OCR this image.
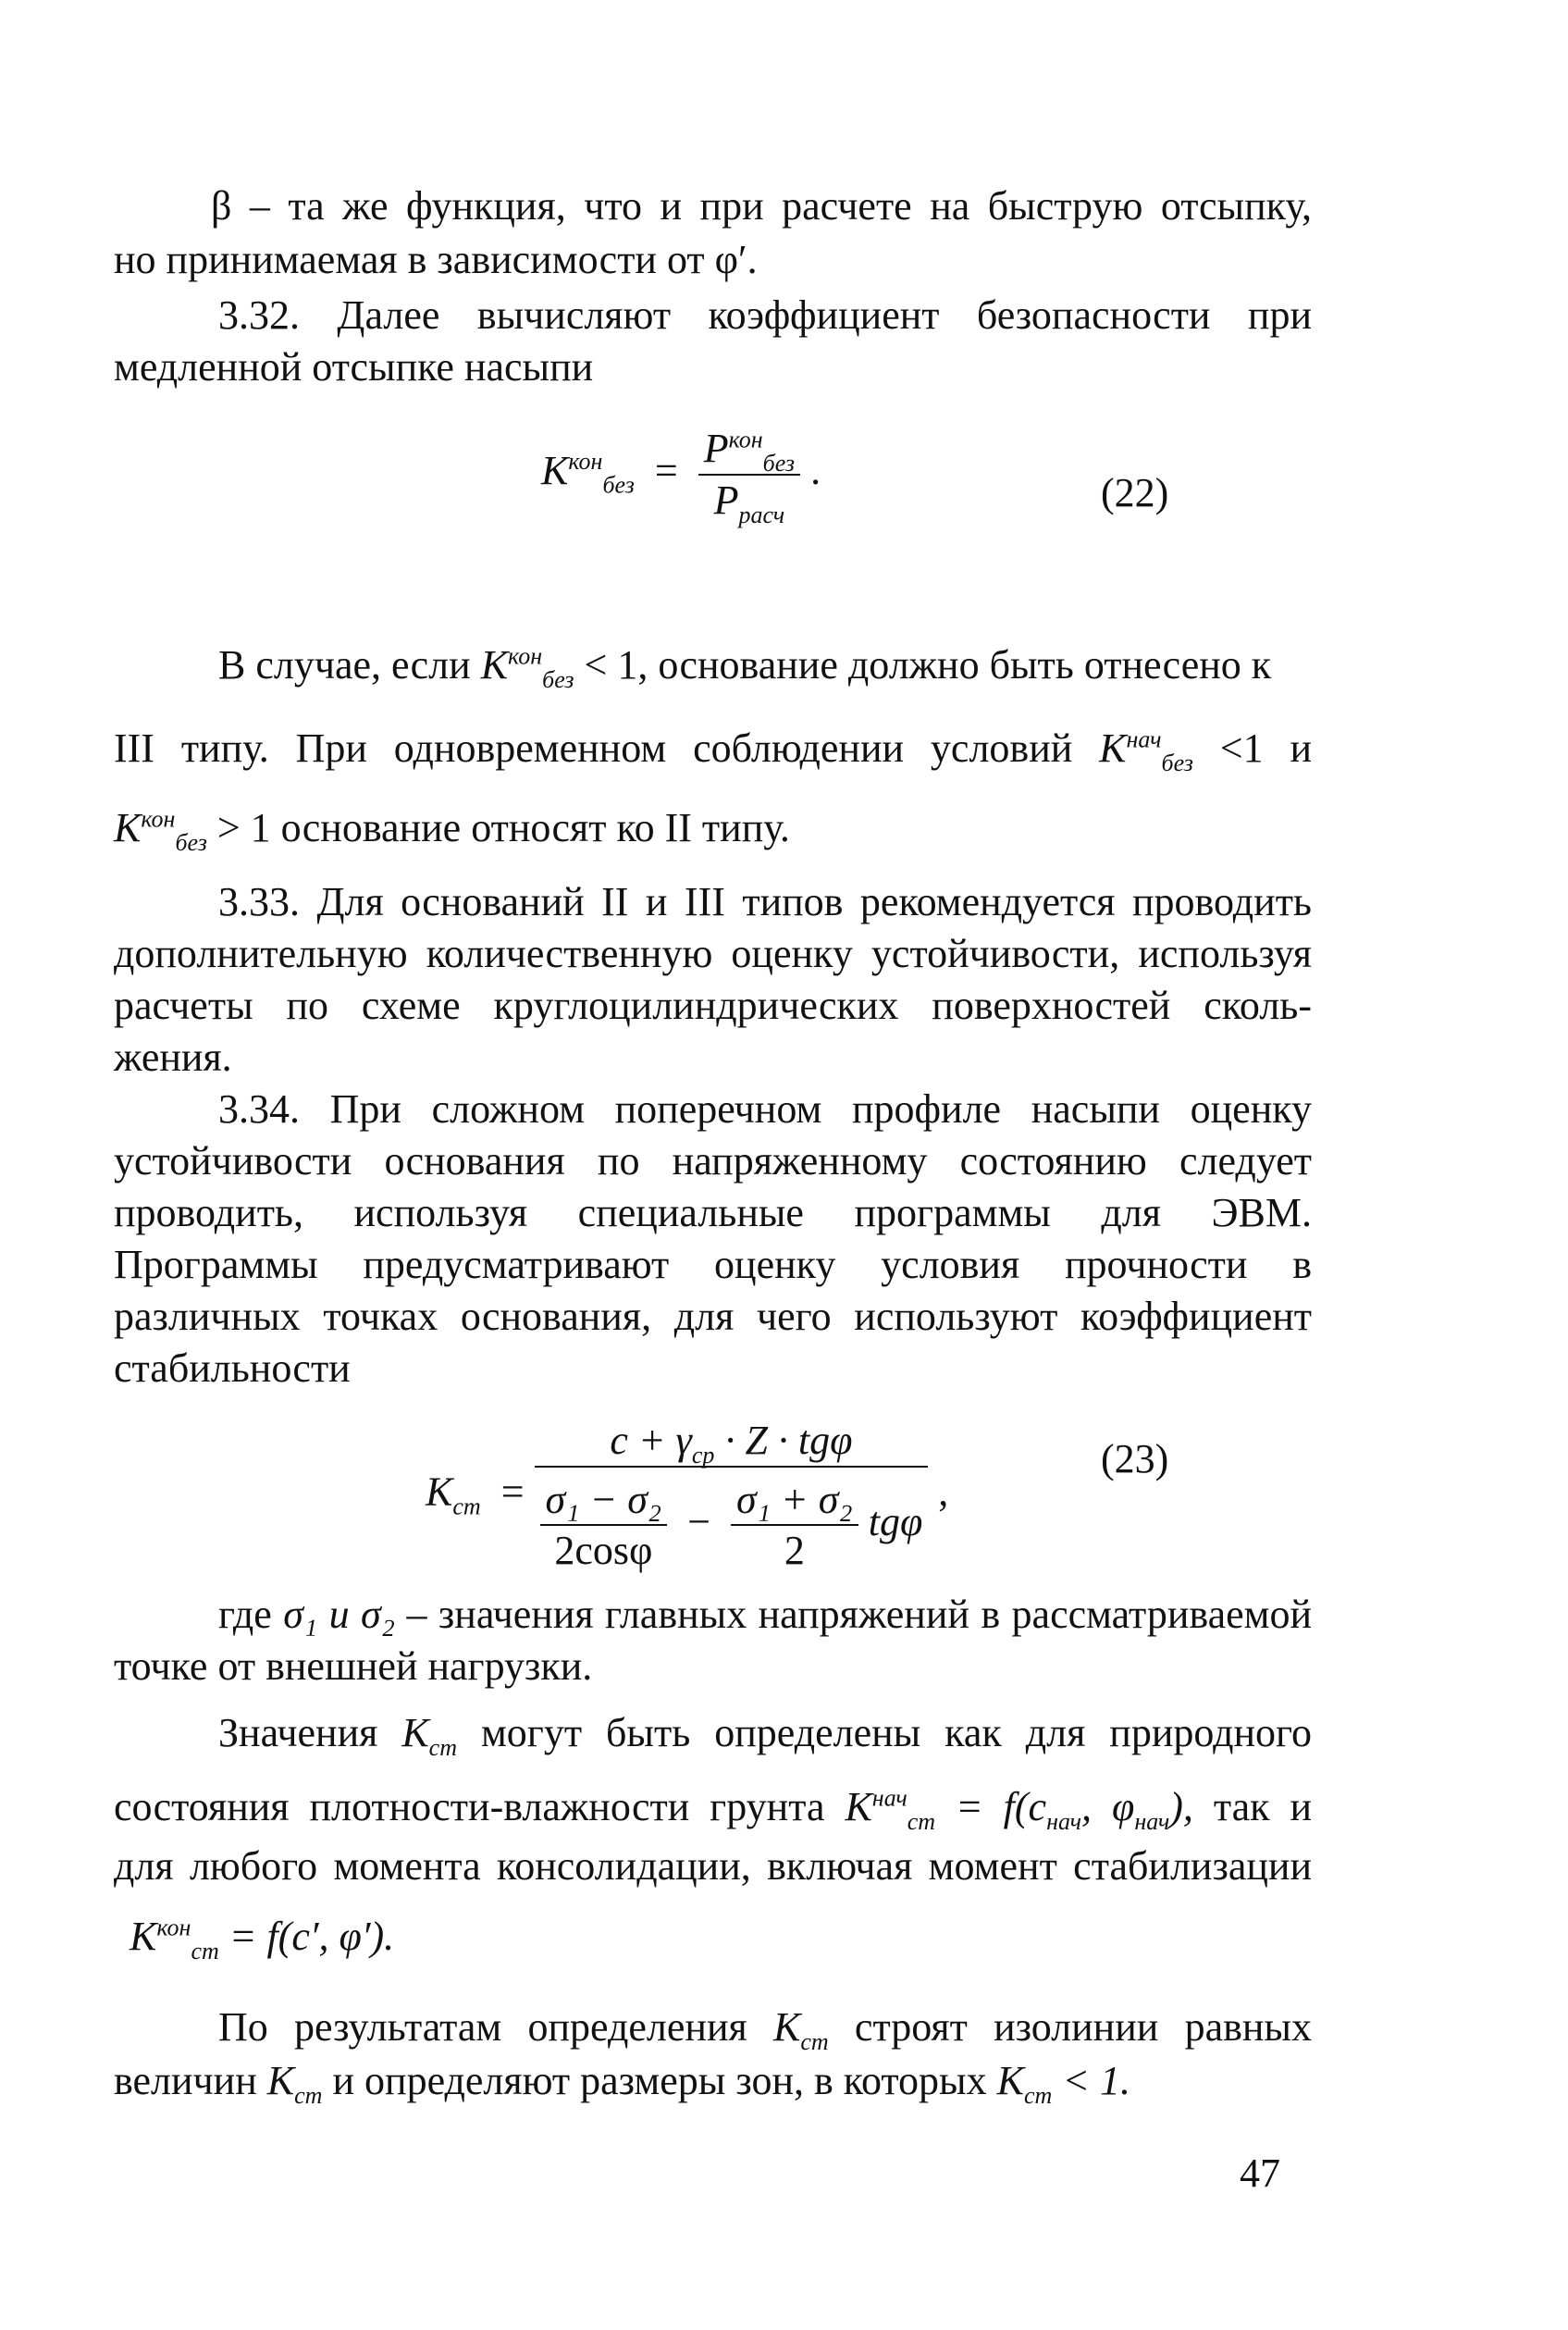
β – та же функция, что и при расчете на быструю отсыпку,
но принимаемая в зависимости от φ′.
3.32. Далее вычисляют коэффициент безопасности при
медленной отсыпке насыпи
$K^{кон}_{без} = \frac{P^{кон}_{без}}{P_{расч}}$ .	(22)
В случае, если $K^{кон}_{без} < 1$, основание должно быть отнесено к
III типу. При одновременном соблюдении условий $K^{нач}_{без} <1$ и
$K^{кон}_{без} > 1$ основание относят ко II типу.
3.33. Для оснований II и III типов рекомендуется проводить
дополнительную количественную оценку устойчивости, используя
расчеты по схеме круглоцилиндрических поверхностей сколь-
жения.
3.34. При сложном поперечном профиле насыпи оценку
устойчивости основания по напряженному состоянию следует
проводить, используя специальные программы для ЭВМ.
Программы предусматривают оценку условия прочности в
различных точках основания, для чего используют коэффициент
стабильности
$K_{ст} = \frac{c + \gamma_{ср} \cdot Z \cdot tg\varphi}{\frac{\text{σ₁ − σ₂}}{2\cos\varphi} - \frac{\text{σ₁ + σ₂}}{2} tg\varphi}$ ,
(23)
где σ₁ и σ₂ – значения главных напряжений в рассматриваемой
точке от внешней нагрузки.
Значения $K_{ст}$ могут быть определены как для природного
состояния плотности-влажности грунта $K^{нач}_{ст} = f(c_{нач}$, $\varphi_{нач}$), так и
для любого момента консолидации, включая момент стабилизации
$K^{кон}_{ст} = f(c'$, φ′).
По результатам определения $K_{ст}$ строят изолинии равных
величин $K_{ст}$ и определяют размеры зон, в которых $K_{ст} < 1$.
47
